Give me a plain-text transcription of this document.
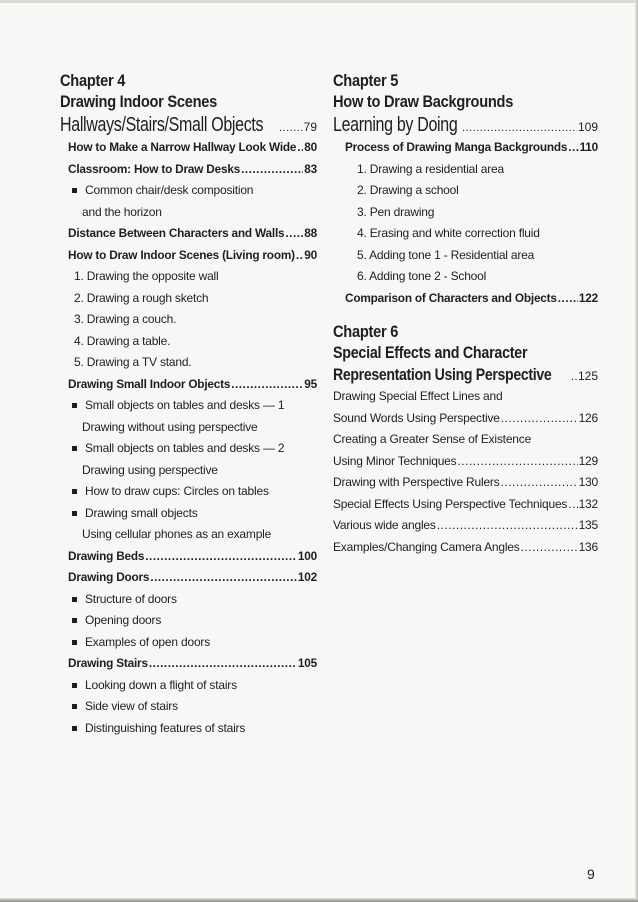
Chapter 4
Drawing Indoor Scenes
Hallways/Stairs/Small Objects .....	79
How to Make a Narrow Hallway Look Wide ..... 80
Classroom: How to Draw Desks .....	83
Common chair/desk composition
and the horizon
Distance Between Characters and Walls ..... 88
How to Draw Indoor Scenes (Living room) ..... 90
1. Drawing the opposite wall
2. Drawing a rough sketch
3. Drawing a couch.
4. Drawing a table.
5. Drawing a TV stand.
Drawing Small Indoor Objects .....	95
Small objects on tables and desks — 1
Drawing without using perspective
Small objects on tables and desks — 2
Drawing using perspective
How to draw cups: Circles on tables
Drawing small objects
Using cellular phones as an example
Drawing Beds .....	100
Drawing Doors .....	102
Structure of doors
Opening doors
Examples of open doors
Drawing Stairs .....	105
Looking down a flight of stairs
Side view of stairs
Distinguishing features of stairs
Chapter 5
How to Draw Backgrounds
Learning by Doing .....	109
Process of Drawing Manga Backgrounds ..... 110
1. Drawing a residential area
2. Drawing a school
3. Pen drawing
4. Erasing and white correction fluid
5. Adding tone 1 - Residential area
6. Adding tone 2 - School
Comparison of Characters and Objects ..... 122
Chapter 6
Special Effects and Character
Representation Using Perspective ..... 125
Drawing Special Effect Lines and
Sound Words Using Perspective .....	126
Creating a Greater Sense of Existence
Using Minor Techniques .....	129
Drawing with Perspective Rulers .....	130
Special Effects Using Perspective Techniques ..... 132
Various wide angles .....	135
Examples/Changing Camera Angles .....	136
9
